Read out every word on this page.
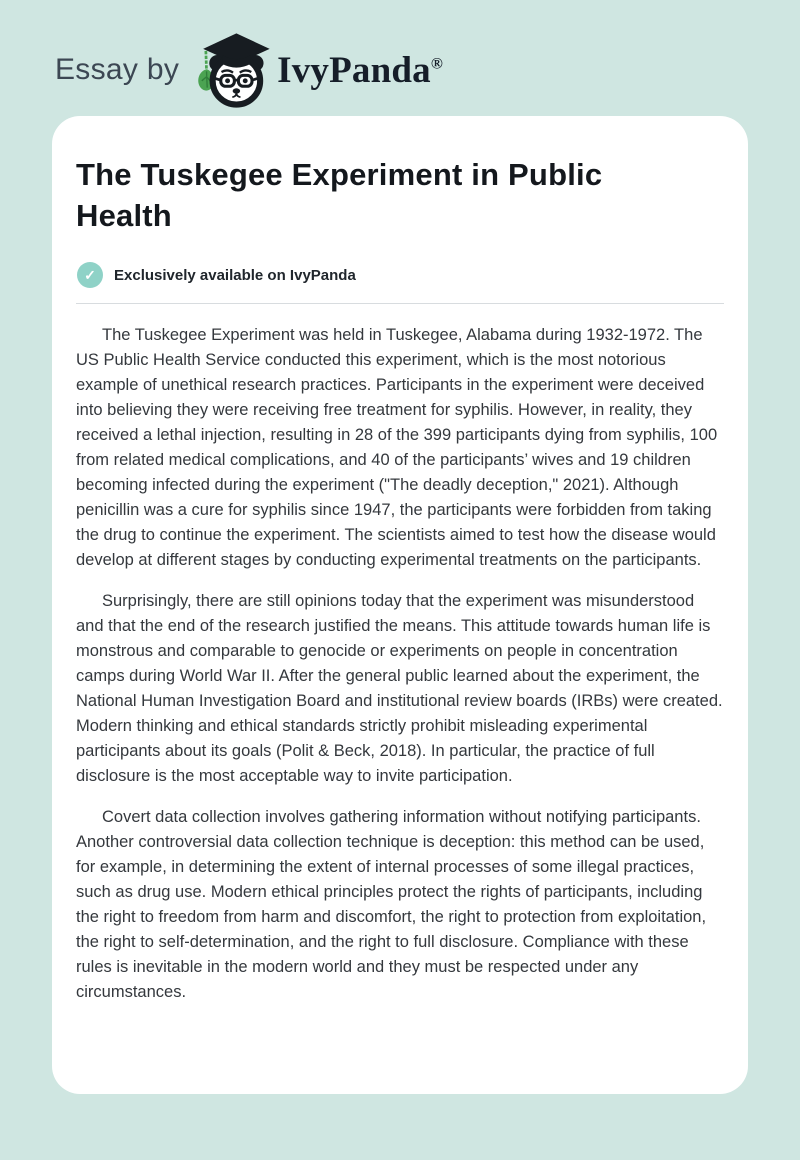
Essay by	IvyPanda®
The Tuskegee Experiment in Public Health
✓	Exclusively available on IvyPanda

The Tuskegee Experiment was held in Tuskegee, Alabama during 1932-1972. The US Public Health Service conducted this experiment, which is the most notorious example of unethical research practices. Participants in the experiment were deceived into believing they were receiving free treatment for syphilis. However, in reality, they received a lethal injection, resulting in 28 of the 399 participants dying from syphilis, 100 from related medical complications, and 40 of the participants’ wives and 19 children becoming infected during the experiment ("The deadly deception," 2021). Although penicillin was a cure for syphilis since 1947, the participants were forbidden from taking the drug to continue the experiment. The scientists aimed to test how the disease would develop at different stages by conducting experimental treatments on the participants.

Surprisingly, there are still opinions today that the experiment was misunderstood and that the end of the research justified the means. This attitude towards human life is monstrous and comparable to genocide or experiments on people in concentration camps during World War II. After the general public learned about the experiment, the National Human Investigation Board and institutional review boards (IRBs) were created. Modern thinking and ethical standards strictly prohibit misleading experimental participants about its goals (Polit & Beck, 2018). In particular, the practice of full disclosure is the most acceptable way to invite participation.

Covert data collection involves gathering information without notifying participants. Another controversial data collection technique is deception: this method can be used, for example, in determining the extent of internal processes of some illegal practices, such as drug use. Modern ethical principles protect the rights of participants, including the right to freedom from harm and discomfort, the right to protection from exploitation, the right to self-determination, and the right to full disclosure. Compliance with these rules is inevitable in the modern world and they must be respected under any circumstances.
